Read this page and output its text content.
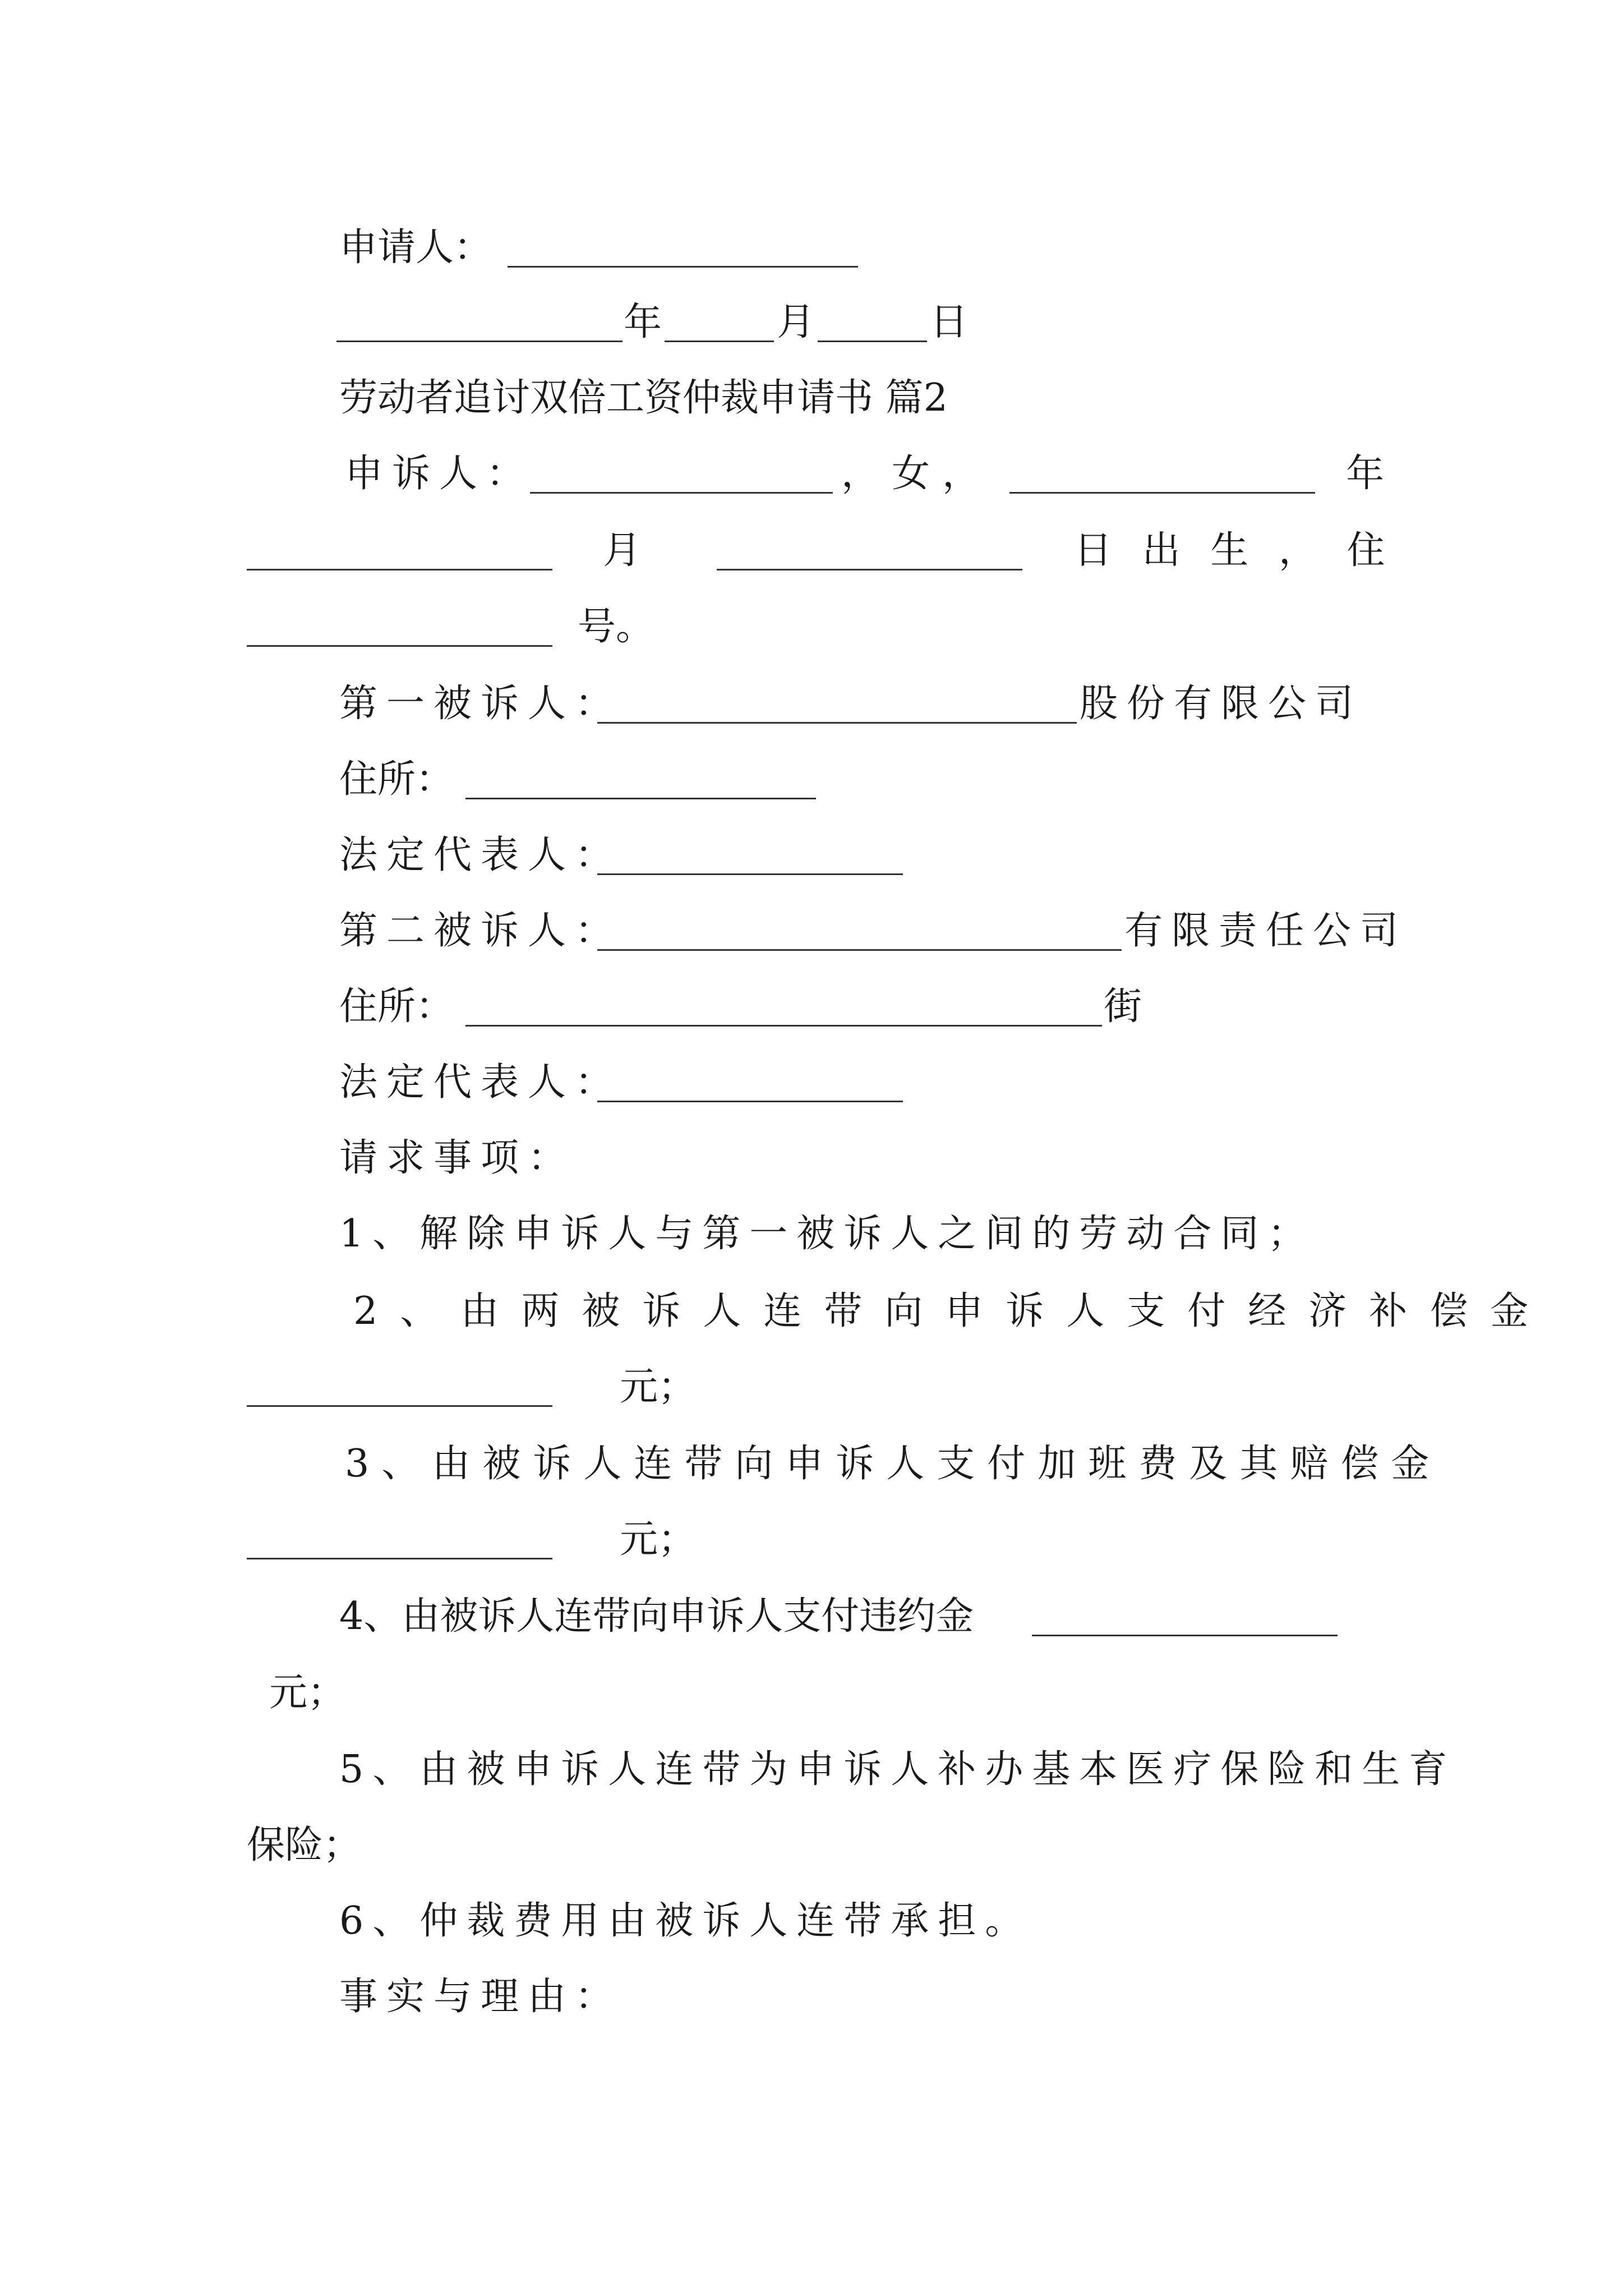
申请人：
年	月	日
劳动者追讨双倍工资仲裁申请书 篇2
申诉人：	，女，	年
月	日 出 生 ， 住
号。
第一被诉人：	股份有限公司
住所：
法定代表人：
第二被诉人：	有限责任公司
住所：	街
法定代表人：
请求事项：
1、解除申诉人与第一被诉人之间的劳动合同；
2、由两被诉人连带向申诉人支付经济补偿金
元；
3、由被诉人连带向申诉人支付加班费及其赔偿金
元；
4、由被诉人连带向申诉人支付违约金
元；
5、由被申诉人连带为申诉人补办基本医疗保险和生育
保险；
6、仲裁费用由被诉人连带承担。
事实与理由：
